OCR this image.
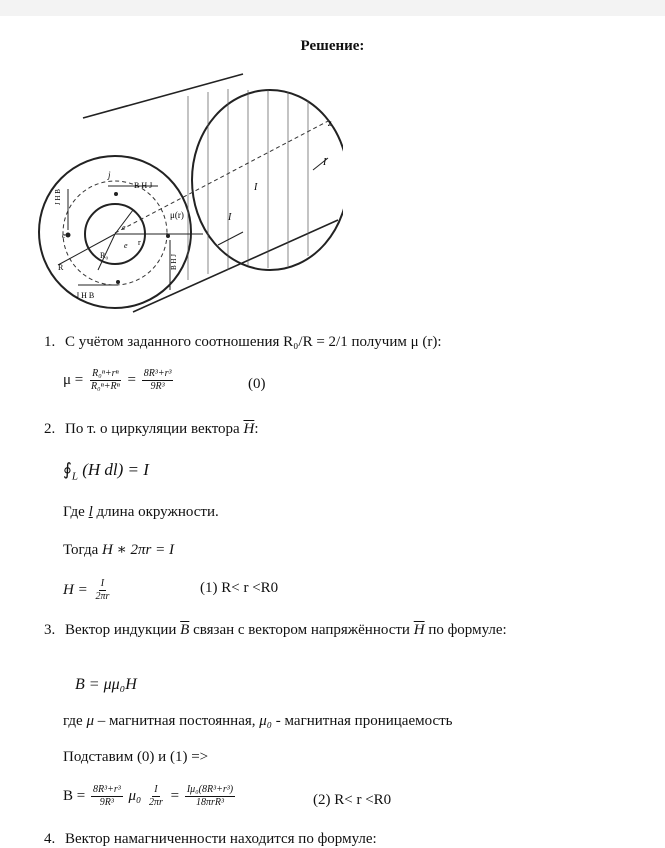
Решение:
z
I
I
I
μ(r)
R
R₀
r
e
e
e
j
B H J
J H B
J H B
B H J
1. С учётом заданного соотношения R₀/R = 2/1 получим μ (r):
$\mu = \frac{\text{R₀ⁿ+rⁿ}}{\text{R₀ⁿ+Rⁿ}} = \frac{\text{8R³+r³}}{\text{9R³}}$	(0)
2. По т. о циркуляции вектора $\overline{H}$:
$∮_L$ (H dl) = I
Где l длина окружности.
Тогда H ∗ 2πr = I
$H = \frac{I}{2\pi r}$	(1) R< r <R0
3. Вектор индукции $\overline{B}$ связан с вектором напряжённости $\overline{H}$ по формуле:
B = μμ₀H
где μ – магнитная постоянная, μ₀ - магнитная проницаемость
Подставим (0) и (1) =>
$B = \frac{\text{8R³+r³}}{\text{9R³}} \mu_0 \frac{I}{2\pi r} = \frac{\text{Iμ₀(8R³+r³)}}{\text{18πrR³}}$	(2) R< r <R0
4. Вектор намагниченности находится по формуле:
